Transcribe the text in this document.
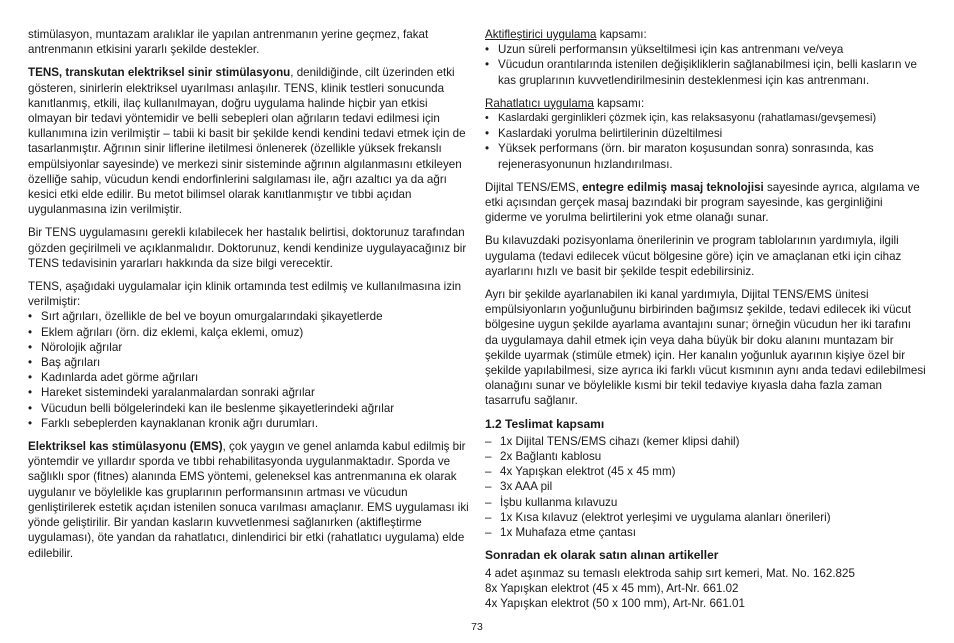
stimülasyon, muntazam aralıklar ile yapılan antrenmanın yerine geçmez, fakat antrenmanın etkisini yararlı şekilde destekler.

TENS, transkutan elektriksel sinir stimülasyonu, denildiğinde, cilt üzerinden etki gösteren, sinirlerin elektriksel uyarılması anlaşılır. TENS, klinik testleri sonucunda kanıtlanmış, etkili, ilaç kullanılmayan, doğru uygulama halinde hiçbir yan etkisi olmayan bir tedavi yöntemidir ve belli sebepleri olan ağrıların tedavi edilmesi için kullanımına izin verilmiştir – tabii ki basit bir şekilde kendi kendini tedavi etmek için de tasarlanmıştır. Ağrının sinir liflerine iletilmesi önlenerek (özellikle yüksek frekanslı empülsiyonlar sayesinde) ve merkezi sinir sisteminde ağrının algılanmasını etkileyen özelliğe sahip, vücudun kendi endorfinlerini salgılaması ile, ağrı azaltıcı ya da ağrı kesici etki elde edilir. Bu metot bilimsel olarak kanıtlanmıştır ve tıbbi açıdan uygulanmasına izin verilmiştir.

Bir TENS uygulamasını gerekli kılabilecek her hastalık belirtisi, doktorunuz tarafından gözden geçirilmeli ve açıklanmalıdır. Doktorunuz, kendi kendinize uygulayacağınız bir TENS tedavisinin yararları hakkında da size bilgi verecektir.

TENS, aşağıdaki uygulamalar için klinik ortamında test edilmiş ve kullanılmasına izin verilmiştir:

• Sırt ağrıları, özellikle de bel ve boyun omurgalarındaki şikayetlerde
• Eklem ağrıları (örn. diz eklemi, kalça eklemi, omuz)
• Nörolojik ağrılar
• Baş ağrıları
• Kadınlarda adet görme ağrıları
• Hareket sistemindeki yaralanmalardan sonraki ağrılar
• Vücudun belli bölgelerindeki kan ile beslenme şikayetlerindeki ağrılar
• Farklı sebeplerden kaynaklanan kronik ağrı durumları.

Elektriksel kas stimülasyonu (EMS), çok yaygın ve genel anlamda kabul edilmiş bir yöntemdir ve yıllardır sporda ve tıbbi rehabilitasyonda uygulanmaktadır. Sporda ve sağlıklı spor (fitnes) alanında EMS yöntemi, geleneksel kas antrenmanına ek olarak uygulanır ve böylelikle kas gruplarının performansının artması ve vücudun genliştirilerek estetik açıdan istenilen sonuca varılması amaçlanır. EMS uygulaması iki yönde geliştirilir. Bir yandan kasların kuvvetlenmesi sağlanırken (aktifleştirme uygulaması), öte yandan da rahatlatıcı, dinlendirici bir etki (rahatlatıcı uygulama) elde edilebilir.

Aktifleştirici uygulama kapsamı:

• Uzun süreli performansın yükseltilmesi için kas antrenmanı ve/veya
• Vücudun orantılarında istenilen değişikliklerin sağlanabilmesi için, belli kasların ve kas gruplarının kuvvetlendirilmesinin desteklenmesi için kas antrenmanı.

Rahatlatıcı uygulama kapsamı:

• Kaslardaki gerginlikleri çözmek için, kas relaksasyonu (rahatlaması/gevşemesi)
• Kaslardaki yorulma belirtilerinin düzeltilmesi
• Yüksek performans (örn. bir maraton koşusundan sonra) sonrasında, kas rejenerasyonunun hızlandırılması.

Dijital TENS/EMS, entegre edilmiş masaj teknolojisi sayesinde ayrıca, algılama ve etki açısından gerçek masaj bazındaki bir program sayesinde, kas gerginliğini giderme ve yorulma belirtilerini yok etme olanağı sunar.

Bu kılavuzdaki pozisyonlama önerilerinin ve program tablolarının yardımıyla, ilgili uygulama (tedavi edilecek vücut bölgesine göre) için ve amaçlanan etki için cihaz ayarlarını hızlı ve basit bir şekilde tespit edebilirsiniz.

Ayrı bir şekilde ayarlanabilen iki kanal yardımıyla, Dijital TENS/EMS ünitesi empülsiyonların yoğunluğunu birbirinden bağımsız şekilde, tedavi edilecek iki vücut bölgesine uygun şekilde ayarlama avantajını sunar; örneğin vücudun her iki tarafını da uygulamaya dahil etmek için veya daha büyük bir doku alanını muntazam bir şekilde uyarmak (stimüle etmek) için. Her kanalın yoğunluk ayarının kişiye özel bir şekilde yapılabilmesi, size ayrıca iki farklı vücut kısmının aynı anda tedavi edilebilmesi olanağını sunar ve böylelikle kısmi bir tekil tedaviye kıyasla daha fazla zaman tasarrufu sağlanır.

1.2 Teslimat kapsamı
– 1x Dijital TENS/EMS cihazı (kemer klipsi dahil)
– 2x Bağlantı kablosu
– 4x Yapışkan elektrot (45 x 45 mm)
– 3x AAA pil
– İşbu kullanma kılavuzu
– 1x Kısa kılavuz (elektrot yerleşimi ve uygulama alanları önerileri)
– 1x Muhafaza etme çantası
Sonradan ek olarak satın alınan artikeller
4 adet aşınmaz su temaslı elektroda sahip sırt kemeri, Mat. No. 162.825
8x Yapışkan elektrot (45 x 45 mm), Art-Nr. 661.02
4x Yapışkan elektrot (50 x 100 mm), Art-Nr. 661.01
73
